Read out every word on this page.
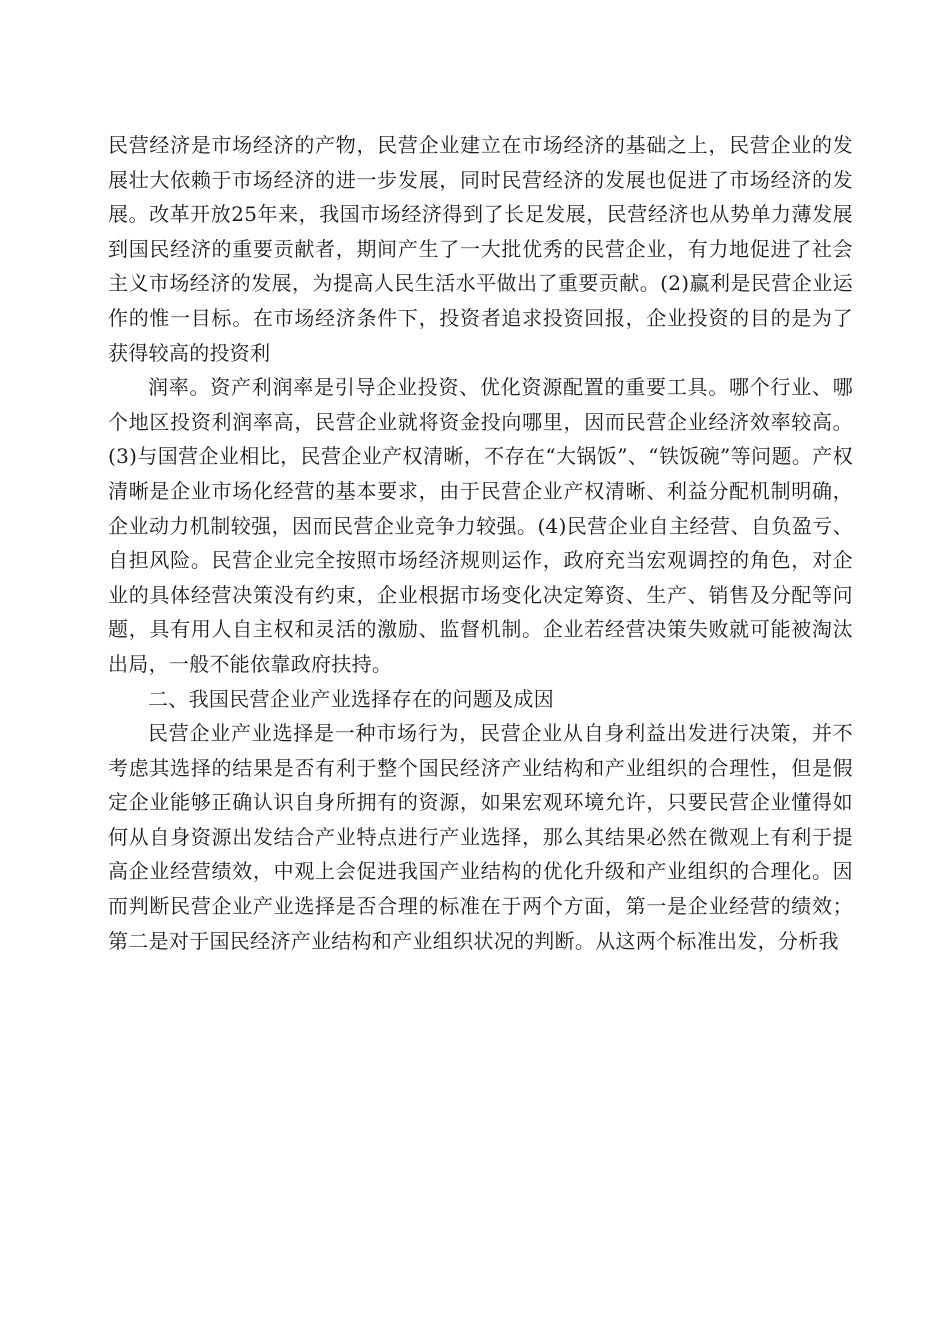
民营经济是市场经济的产物，民营企业建立在市场经济的基础之上，民营企业的发展壮大依赖于市场经济的进一步发展，同时民营经济的发展也促进了市场经济的发展。改革开放25年来，我国市场经济得到了长足发展，民营经济也从势单力薄发展到国民经济的重要贡献者，期间产生了一大批优秀的民营企业，有力地促进了社会主义市场经济的发展，为提高人民生活水平做出了重要贡献。(2)赢利是民营企业运作的惟一目标。在市场经济条件下，投资者追求投资回报，企业投资的目的是为了获得较高的投资利

润率。资产利润率是引导企业投资、优化资源配置的重要工具。哪个行业、哪个地区投资利润率高，民营企业就将资金投向哪里，因而民营企业经济效率较高。(3)与国营企业相比，民营企业产权清晰，不存在“大锅饭”、“铁饭碗”等问题。产权清晰是企业市场化经营的基本要求，由于民营企业产权清晰、利益分配机制明确，企业动力机制较强，因而民营企业竞争力较强。(4)民营企业自主经营、自负盈亏、自担风险。民营企业完全按照市场经济规则运作，政府充当宏观调控的角色，对企业的具体经营决策没有约束，企业根据市场变化决定筹资、生产、销售及分配等问题，具有用人自主权和灵活的激励、监督机制。企业若经营决策失败就可能被淘汰出局，一般不能依靠政府扶持。

二、我国民营企业产业选择存在的问题及成因

民营企业产业选择是一种市场行为，民营企业从自身利益出发进行决策，并不考虑其选择的结果是否有利于整个国民经济产业结构和产业组织的合理性，但是假定企业能够正确认识自身所拥有的资源，如果宏观环境允许，只要民营企业懂得如何从自身资源出发结合产业特点进行产业选择，那么其结果必然在微观上有利于提高企业经营绩效，中观上会促进我国产业结构的优化升级和产业组织的合理化。因而判断民营企业产业选择是否合理的标准在于两个方面，第一是企业经营的绩效；第二是对于国民经济产业结构和产业组织状况的判断。从这两个标准出发，分析我
